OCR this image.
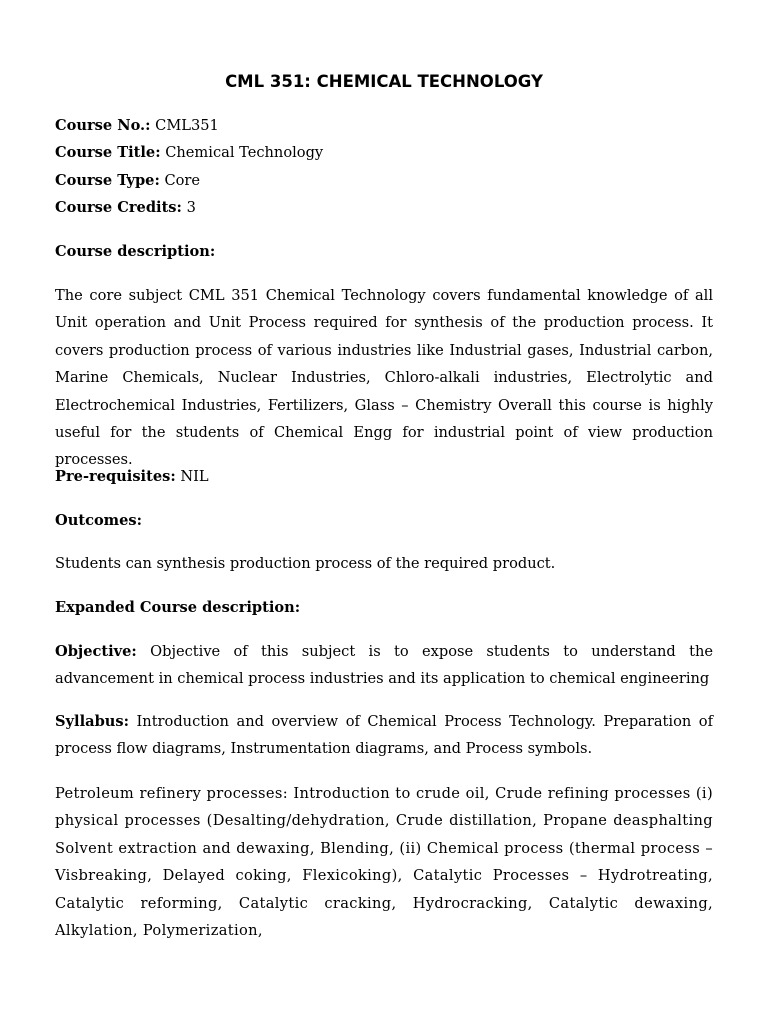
CML 351: CHEMICAL TECHNOLOGY
Course No.: CML351
Course Title: Chemical Technology
Course Type: Core
Course Credits: 3
Course description:

The core subject CML 351 Chemical Technology covers fundamental knowledge of all Unit operation and Unit Process required for synthesis of the production process. It covers production process of various industries like Industrial gases, Industrial carbon, Marine Chemicals, Nuclear Industries, Chloro-alkali industries, Electrolytic and Electrochemical Industries, Fertilizers, Glass – Chemistry Overall this course is highly useful for the students of Chemical Engg for industrial point of view production processes.

Pre-requisites: NIL
Outcomes:
Students can synthesis production process of the required product.
Expanded Course description:

Objective: Objective of this subject is to expose students to understand the advancement in chemical process industries and its application to chemical engineering

Syllabus: Introduction and overview of Chemical Process Technology. Preparation of process flow diagrams, Instrumentation diagrams, and Process symbols.

Petroleum refinery processes: Introduction to crude oil, Crude refining processes (i) physical processes (Desalting/dehydration, Crude distillation, Propane deasphalting Solvent extraction and dewaxing, Blending, (ii) Chemical process (thermal process – Visbreaking, Delayed coking, Flexicoking), Catalytic Processes – Hydrotreating, Catalytic reforming, Catalytic cracking, Hydrocracking, Catalytic dewaxing, Alkylation, Polymerization,
